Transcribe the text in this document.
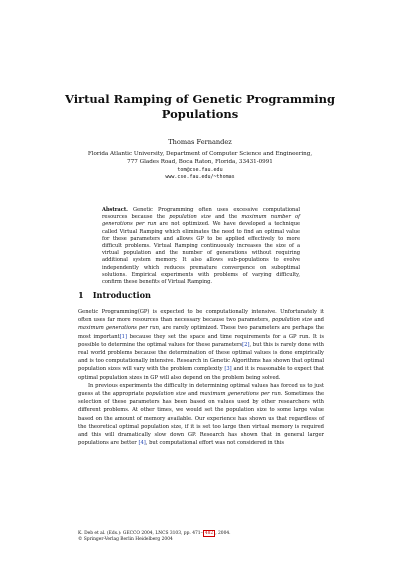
Virtual Ramping of Genetic Programming Populations
Thomas Fernandez
Florida Atlantic University, Department of Computer Science and Engineering,
777 Glades Road, Boca Raton, Florida, 33431-0991
tom@cse.fau.edu
www.cse.fau.edu/~thomas
Abstract. Genetic Programming often uses excessive computational resources because the population size and the maximum number of generations per run are not optimized. We have developed a technique called Virtual Ramping which eliminates the need to find an optimal value for these parameters and allows GP to be applied effectively to more difficult problems. Virtual Ramping continuously increases the size of a virtual population and the number of generations without requiring additional system memory. It also allows sub-populations to evolve independently which reduces premature convergence on suboptimal solutions. Empirical experiments with problems of varying difficulty, confirm these benefits of Virtual Ramping.
1 Introduction

Genetic Programming(GP) is expected to be computationally intensive. Unfortunately it often uses far more resources than necessary because two parameters, population size and maximum generations per run, are rarely optimized. These two parameters are perhaps the most important[1] because they set the space and time requirements for a GP run. It is possible to determine the optimal values for these parameters[2], but this is rarely done with real world problems because the determination of these optimal values is done empirically and is too computationally intensive. Research in Genetic Algorithms has shown that optimal population sizes will vary with the problem complexity [3] and it is reasonable to expect that optimal population sizes in GP will also depend on the problem being solved.

In previous experiments the difficulty in determining optimal values has forced us to just guess at the appropriate population size and maximum generations per run. Sometimes the selection of these parameters has been based on values used by other researchers with different problems. At other times, we would set the population size to some large value based on the amount of memory available. Our experience has shown us that regardless of the theoretical optimal population size, if it is set too large then virtual memory is required and this will dramatically slow down GP. Research has shown that in general larger populations are better [4], but computational effort was not considered in this

K. Deb et al. (Eds.): GECCO 2004, LNCS 3103, pp. 471– 482 , 2004.
© Springer-Verlag Berlin Heidelberg 2004
